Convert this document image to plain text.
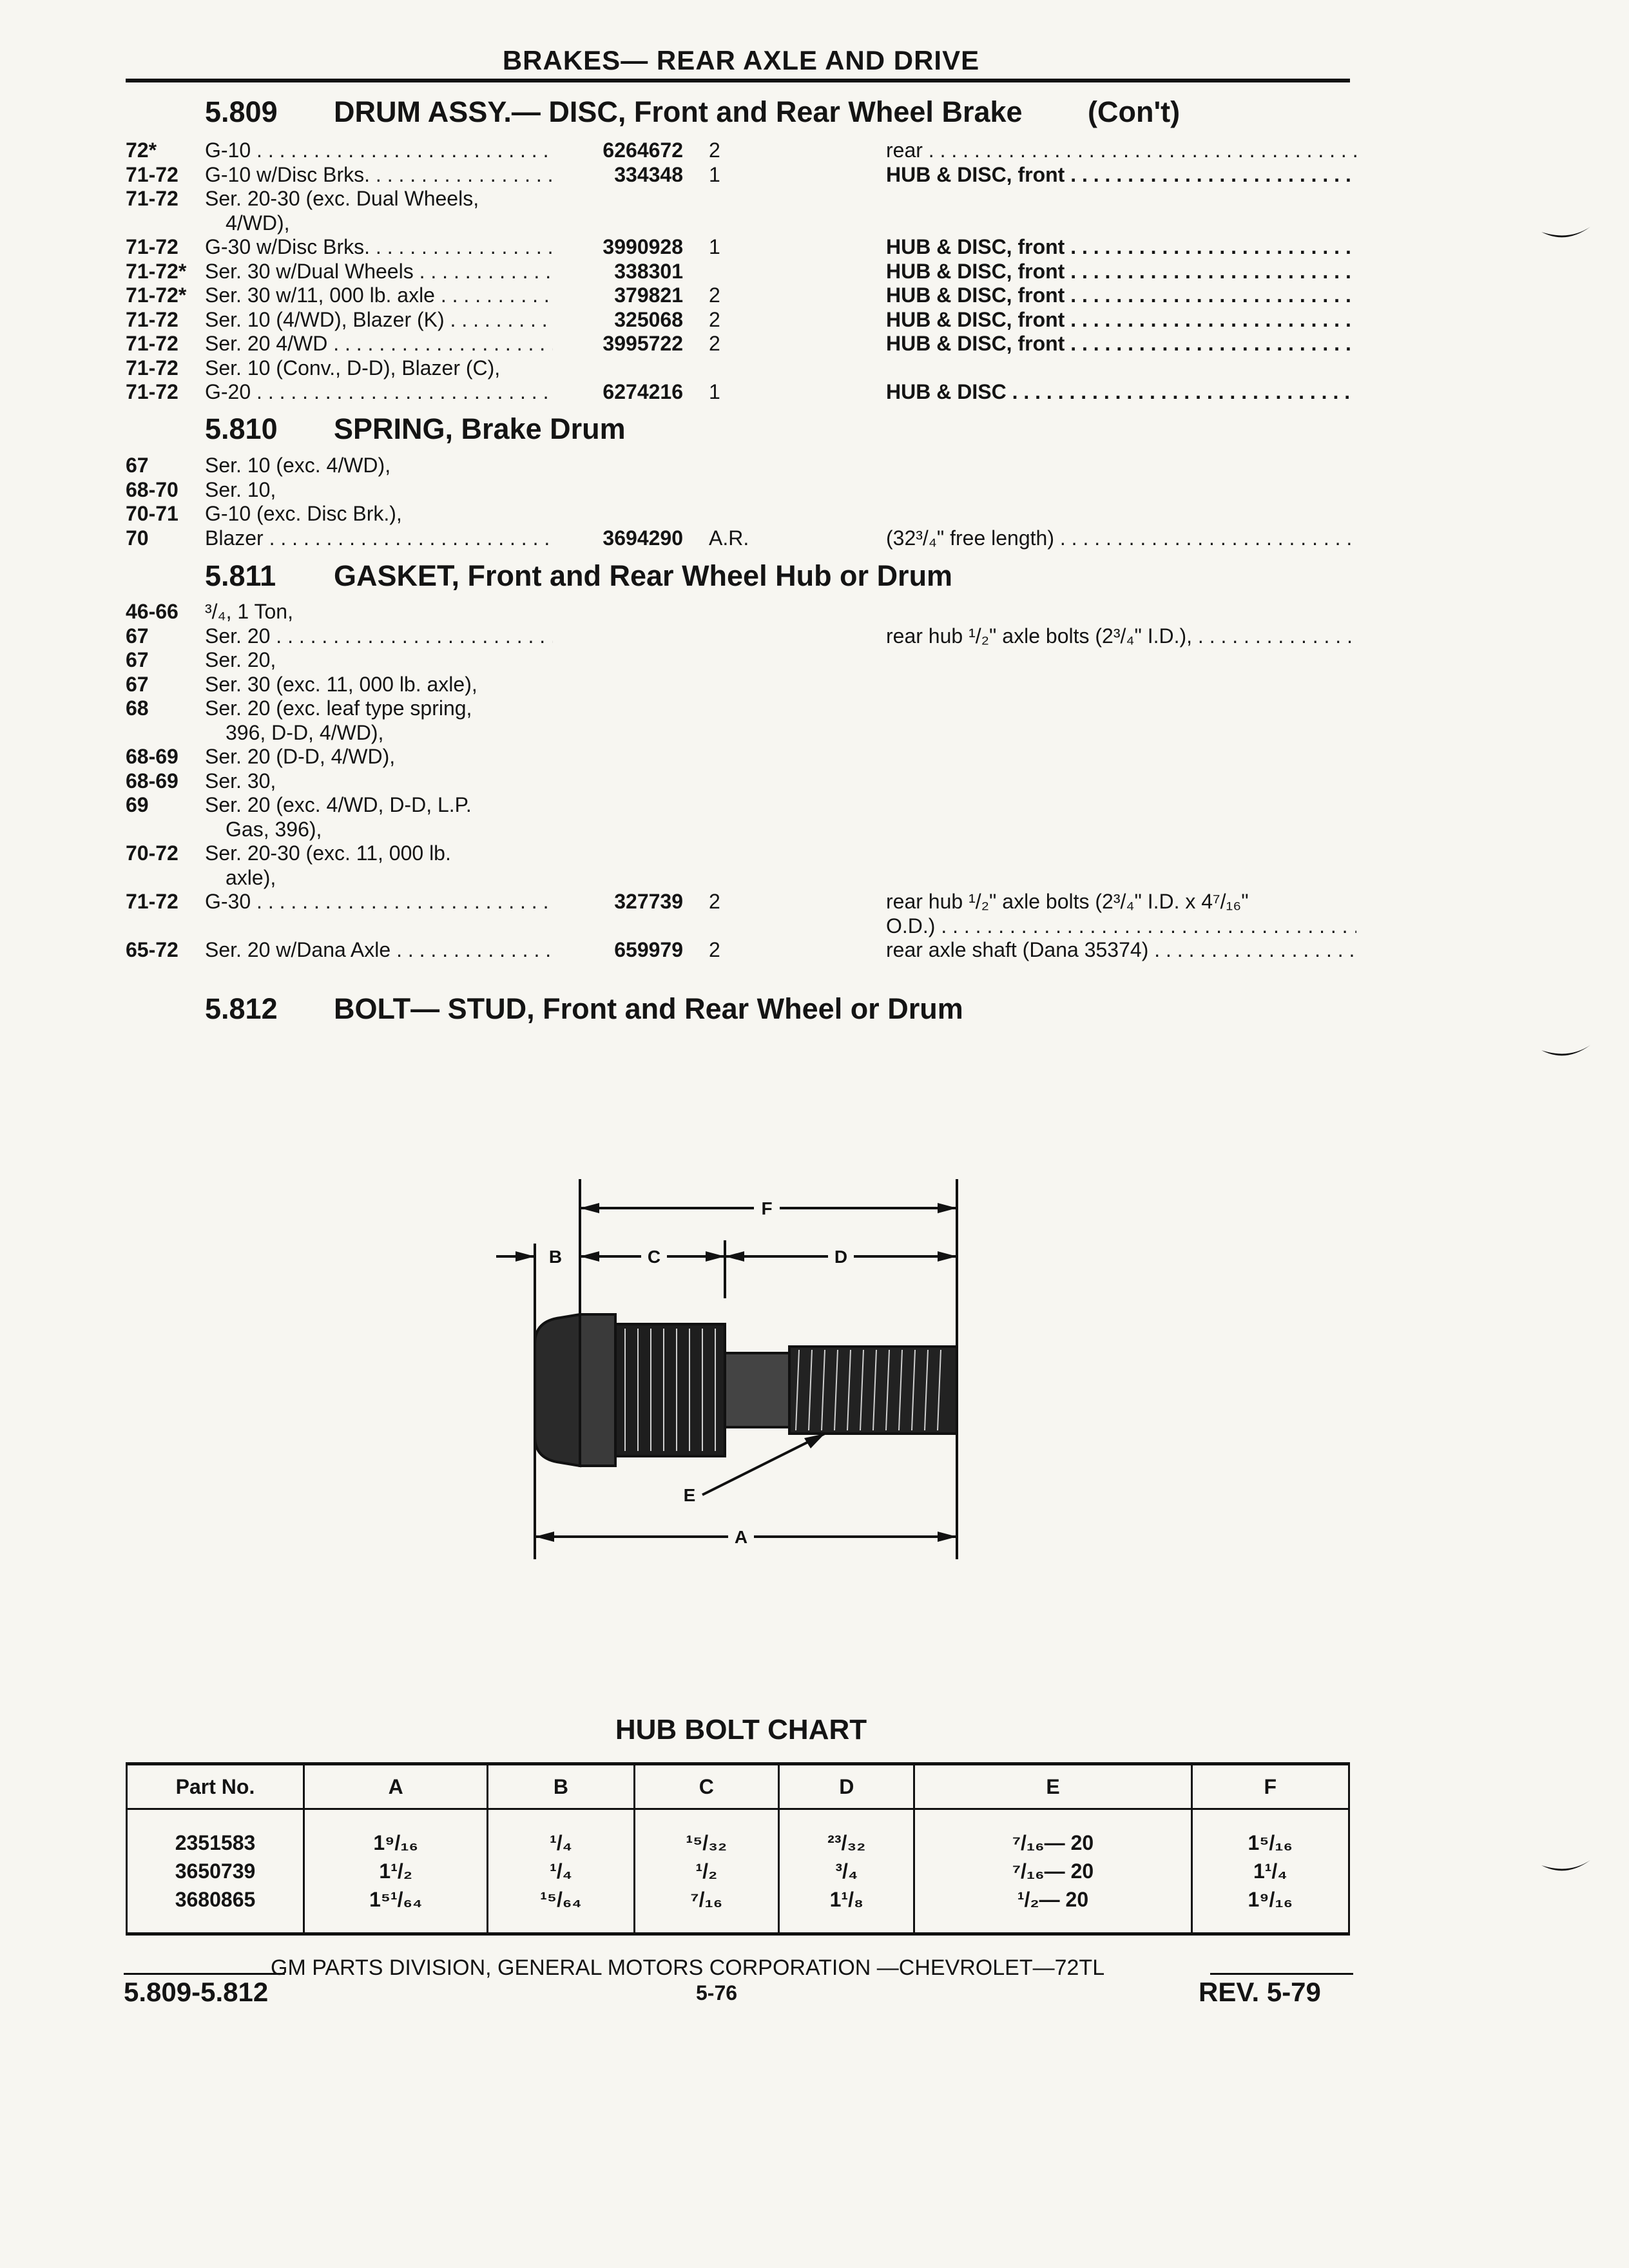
BRAKES— REAR AXLE AND DRIVE
5.809 DRUM ASSY.— DISC, Front and Rear Wheel Brake (Con't)
72* G-10 . . .	6264672 2	rear . . .
71-72 G-10 w/Disc Brks. . . .	334348 1	HUB & DISC, front . . .
71-72 Ser. 20-30 (exc. Dual Wheels,
4/WD),
71-72 G-30 w/Disc Brks. . . .	3990928 1	HUB & DISC, front . . .
71-72* Ser. 30 w/Dual Wheels . . .	338301	HUB & DISC, front . . .
71-72* Ser. 30 w/11, 000 lb. axle . . .	379821 2	HUB & DISC, front . . .
71-72 Ser. 10 (4/WD), Blazer (K) . . .	325068 2	HUB & DISC, front . . .
71-72 Ser. 20 4/WD . . .	3995722 2	HUB & DISC, front . . .
71-72 Ser. 10 (Conv., D-D), Blazer (C),
71-72 G-20 . . .	6274216 1	HUB & DISC . . .
5.810 SPRING, Brake Drum
67	Ser. 10 (exc. 4/WD),
68-70 Ser. 10,
70-71 G-10 (exc. Disc Brk.),
70	Blazer . . .	3694290 A.R.	(32³/₄" free length) . . .
5.811 GASKET, Front and Rear Wheel Hub or Drum
46-66 ³/₄, 1 Ton,
67	Ser. 20 . . .	rear hub ¹/₂" axle bolts (2³/₄" I.D.), . . .
67	Ser. 20,
67	Ser. 30 (exc. 11, 000 lb. axle),
68	Ser. 20 (exc. leaf type spring,
396, D-D, 4/WD),
68-69 Ser. 20 (D-D, 4/WD),
68-69 Ser. 30,
69	Ser. 20 (exc. 4/WD, D-D, L.P.
Gas, 396),
70-72 Ser. 20-30 (exc. 11, 000 lb.
axle),
71-72 G-30 . . .	327739 2	rear hub ¹/₂" axle bolts (2³/₄" I.D. x 4⁷/₁₆"
O.D.) . . .
65-72 Ser. 20 w/Dana Axle . . .	659979 2	rear axle shaft (Dana 35374) . . .
5.812 BOLT— STUD, Front and Rear Wheel or Drum
F
B	C	D
E
A
HUB BOLT CHART
Part No.	A	B	C	D	E	F
2351583	1⁹/₁₆	¹/₄	¹⁵/₃₂	²³/₃₂	⁷/₁₆— 20	1⁵/₁₆
3650739	1¹/₂	¹/₄	¹/₂	³/₄	⁷/₁₆— 20	1¹/₄
3680865	1⁵¹/₆₄	¹⁵/₆₄	⁷/₁₆	1¹/₈	¹/₂— 20	1⁹/₁₆
GM PARTS DIVISION, GENERAL MOTORS CORPORATION —CHEVROLET—72TL
5.809-5.812	5-76	REV. 5-79
